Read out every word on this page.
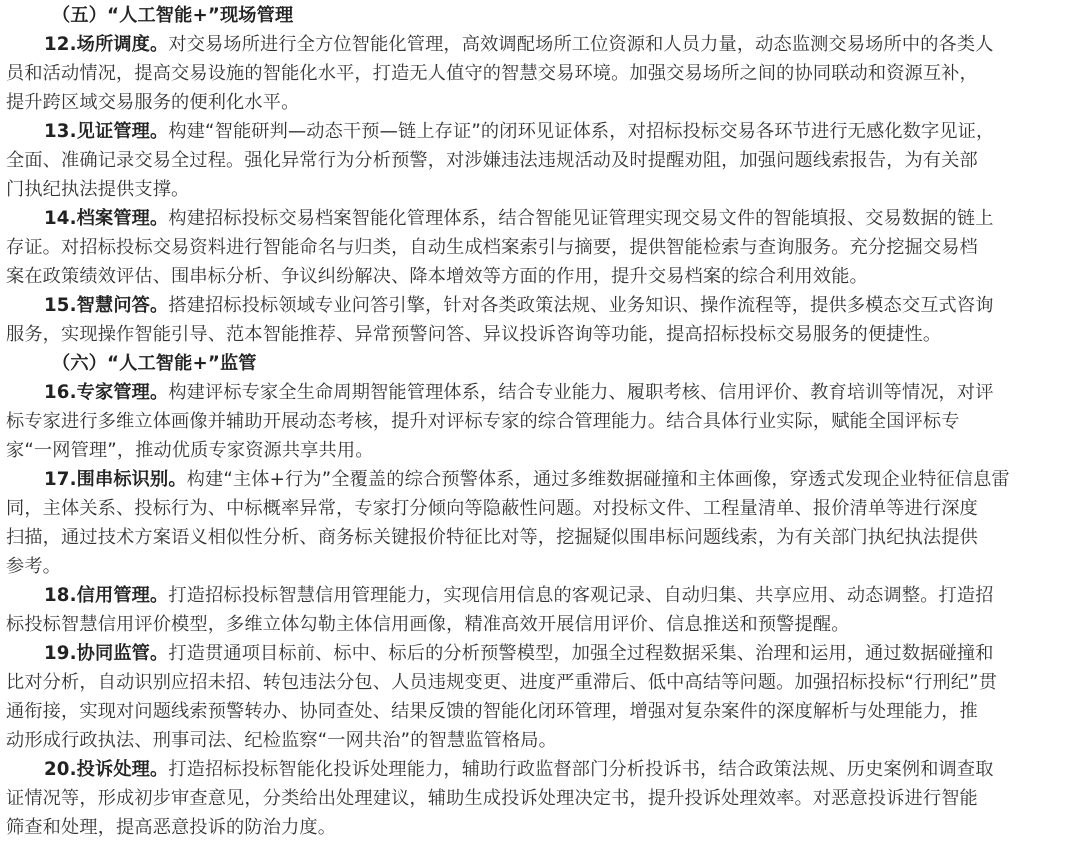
（五）“人工智能+”现场管理
12.场所调度。对交易场所进行全方位智能化管理，高效调配场所工位资源和人员力量，动态监测交易场所中的各类人
员和活动情况，提高交易设施的智能化水平，打造无人值守的智慧交易环境。加强交易场所之间的协同联动和资源互补，
提升跨区域交易服务的便利化水平。
13.见证管理。构建“智能研判—动态干预—链上存证”的闭环见证体系，对招标投标交易各环节进行无感化数字见证，
全面、准确记录交易全过程。强化异常行为分析预警，对涉嫌违法违规活动及时提醒劝阻，加强问题线索报告，为有关部
门执纪执法提供支撑。
14.档案管理。构建招标投标交易档案智能化管理体系，结合智能见证管理实现交易文件的智能填报、交易数据的链上
存证。对招标投标交易资料进行智能命名与归类，自动生成档案索引与摘要，提供智能检索与查询服务。充分挖掘交易档
案在政策绩效评估、围串标分析、争议纠纷解决、降本增效等方面的作用，提升交易档案的综合利用效能。
15.智慧问答。搭建招标投标领域专业问答引擎，针对各类政策法规、业务知识、操作流程等，提供多模态交互式咨询
服务，实现操作智能引导、范本智能推荐、异常预警问答、异议投诉咨询等功能，提高招标投标交易服务的便捷性。
（六）“人工智能+”监管
16.专家管理。构建评标专家全生命周期智能管理体系，结合专业能力、履职考核、信用评价、教育培训等情况，对评
标专家进行多维立体画像并辅助开展动态考核，提升对评标专家的综合管理能力。结合具体行业实际，赋能全国评标专
家“一网管理”，推动优质专家资源共享共用。
17.围串标识别。构建“主体+行为”全覆盖的综合预警体系，通过多维数据碰撞和主体画像，穿透式发现企业特征信息雷
同，主体关系、投标行为、中标概率异常，专家打分倾向等隐蔽性问题。对投标文件、工程量清单、报价清单等进行深度
扫描，通过技术方案语义相似性分析、商务标关键报价特征比对等，挖掘疑似围串标问题线索，为有关部门执纪执法提供
参考。
18.信用管理。打造招标投标智慧信用管理能力，实现信用信息的客观记录、自动归集、共享应用、动态调整。打造招
标投标智慧信用评价模型，多维立体勾勒主体信用画像，精准高效开展信用评价、信息推送和预警提醒。
19.协同监管。打造贯通项目标前、标中、标后的分析预警模型，加强全过程数据采集、治理和运用，通过数据碰撞和
比对分析，自动识别应招未招、转包违法分包、人员违规变更、进度严重滞后、低中高结等问题。加强招标投标“行刑纪”贯
通衔接，实现对问题线索预警转办、协同查处、结果反馈的智能化闭环管理，增强对复杂案件的深度解析与处理能力，推
动形成行政执法、刑事司法、纪检监察“一网共治”的智慧监管格局。
20.投诉处理。打造招标投标智能化投诉处理能力，辅助行政监督部门分析投诉书，结合政策法规、历史案例和调查取
证情况等，形成初步审查意见，分类给出处理建议，辅助生成投诉处理决定书，提升投诉处理效率。对恶意投诉进行智能
筛查和处理，提高恶意投诉的防治力度。
